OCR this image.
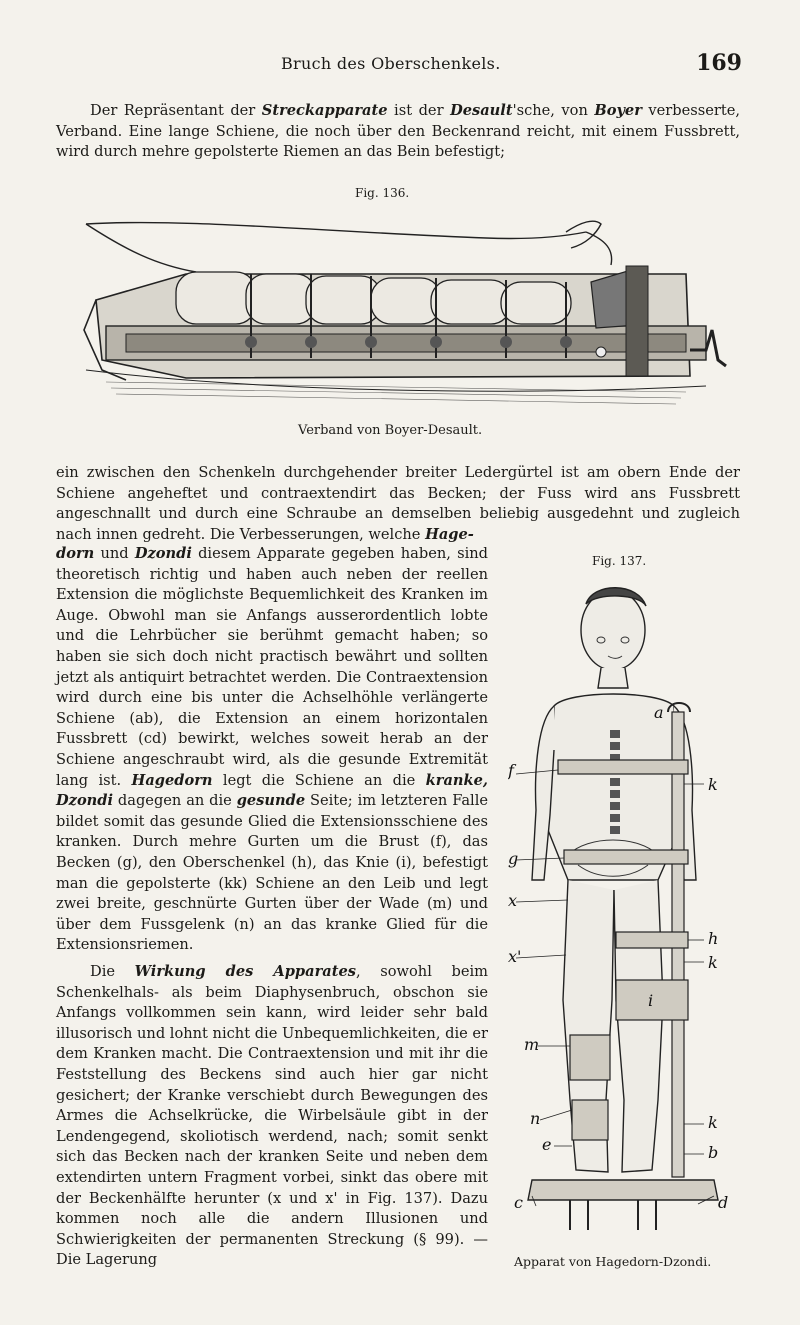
Bruch des Oberschenkels.	169

Der Repräsentant der Streckapparate ist der Desault'sche, von Boyer verbesserte, Verband. Eine lange Schiene, die noch über den Beckenrand reicht, mit einem Fussbrett, wird durch mehre gepolsterte Riemen an das Bein befestigt;

Fig. 136.
Verband von Boyer-Desault.

ein zwischen den Schenkeln durchgehender breiter Ledergürtel ist am obern Ende der Schiene angeheftet und contraextendirt das Becken; der Fuss wird ans Fussbrett angeschnallt und durch eine Schraube an demselben beliebig ausgedehnt und zugleich nach innen gedreht. Die Verbesserungen, welche Hage-

dorn und Dzondi diesem Apparate gegeben haben, sind theoretisch richtig und haben auch neben der reellen Extension die möglichste Bequemlichkeit des Kranken im Auge. Obwohl man sie Anfangs ausserordentlich lobte und die Lehrbücher sie berühmt gemacht haben; so haben sie sich doch nicht practisch bewährt und sollten jetzt als antiquirt betrachtet werden. Die Contraextension wird durch eine bis unter die Achselhöhle verlängerte Schiene (ab), die Extension an einem horizontalen Fussbrett (cd) bewirkt, welches soweit herab an der Schiene angeschraubt wird, als die gesunde Extremität lang ist. Hagedorn legt die Schiene an die kranke, Dzondi dagegen an die gesunde Seite; im letzteren Falle bildet somit das gesunde Glied die Extensionsschiene des kranken. Durch mehre Gurten um die Brust (f), das Becken (g), den Oberschenkel (h), das Knie (i), befestigt man die gepolsterte (kk) Schiene an den Leib und legt zwei breite, geschnürte Gurten über der Wade (m) und über dem Fussgelenk (n) an das kranke Glied für die Extensionsriemen.

Die Wirkung des Apparates, sowohl beim Schenkelhals- als beim Diaphysenbruch, obschon sie Anfangs vollkommen sein kann, wird leider sehr bald illusorisch und lohnt nicht die Unbequemlichkeiten, die er dem Kranken macht. Die Contraextension und mit ihr die Feststellung des Beckens sind auch hier gar nicht gesichert; der Kranke verschiebt durch Bewegungen des Armes die Achselkrücke, die Wirbelsäule gibt in der Lendengegend, skoliotisch werdend, nach; somit senkt sich das Becken nach der kranken Seite und neben dem extendirten untern Fragment vorbei, sinkt das obere mit der Beckenhälfte herunter (x und x' in Fig. 137). Dazu kommen noch alle die andern Illusionen und Schwierigkeiten der permanenten Streckung (§ 99). — Die Lagerung

Fig. 137.
a
f
k
g
x
h
x'	k
i
m
n	k
e	b
c	d
Apparat von Hagedorn-Dzondi.
